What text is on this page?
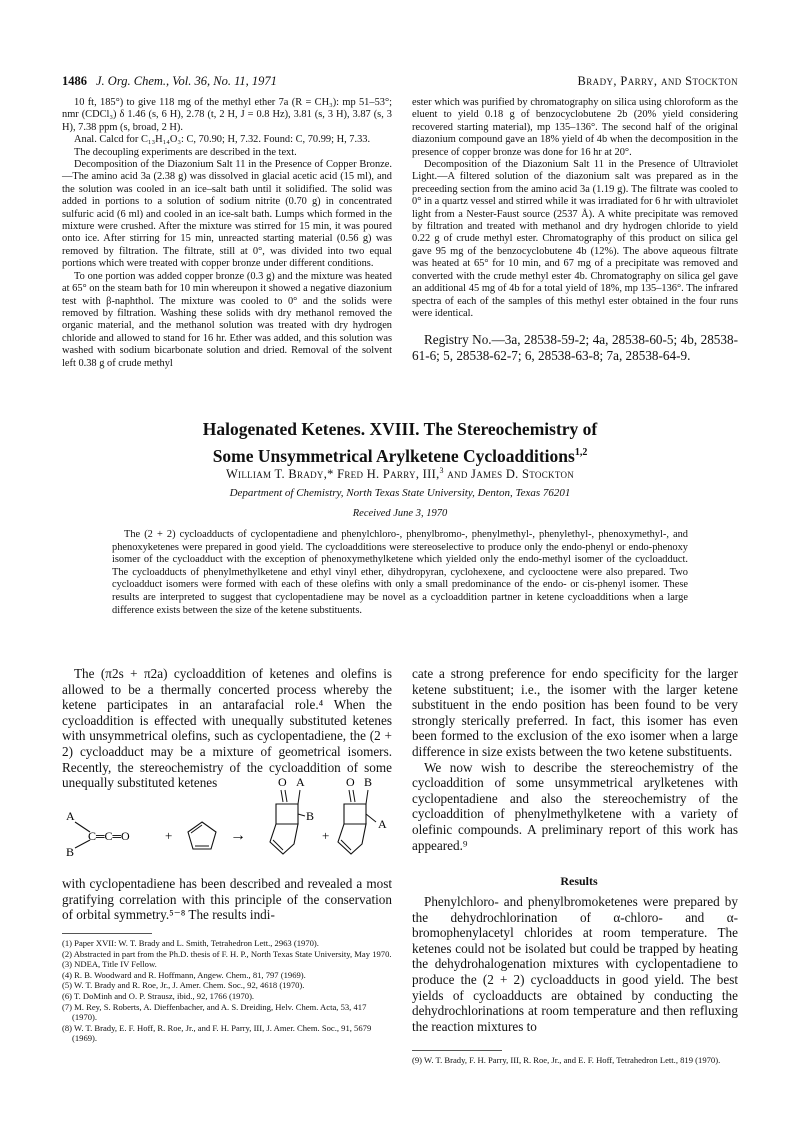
1486 J. Org. Chem., Vol. 36, No. 11, 1971	Brady, Parry, and Stockton

10 ft, 185°) to give 118 mg of the methyl ether 7a (R = CH₃): mp 51–53°; nmr (CDCl₃) δ 1.46 (s, 6 H), 2.78 (t, 2 H, J = 0.8 Hz), 3.81 (s, 3 H), 3.87 (s, 3 H), 7.38 ppm (s, broad, 2 H).

Anal. Calcd for C₁₃H₁₄O₃: C, 70.90; H, 7.32. Found: C, 70.99; H, 7.33.

The decoupling experiments are described in the text.

Decomposition of the Diazonium Salt 11 in the Presence of Copper Bronze.—The amino acid 3a (2.38 g) was dissolved in glacial acetic acid (15 ml), and the solution was cooled in an ice–salt bath until it solidified. The solid was added in portions to a solution of sodium nitrite (0.70 g) in concentrated sulfuric acid (6 ml) and cooled in an ice-salt bath. Lumps which formed in the mixture were crushed. After the mixture was stirred for 15 min, it was poured onto ice. After stirring for 15 min, unreacted starting material (0.56 g) was removed by filtration. The filtrate, still at 0°, was divided into two equal portions which were treated with copper bronze under different conditions.

To one portion was added copper bronze (0.3 g) and the mixture was heated at 65° on the steam bath for 10 min whereupon it showed a negative diazonium test with β-naphthol. The mixture was cooled to 0° and the solids were removed by filtration. Washing these solids with dry methanol removed the organic material, and the methanol solution was treated with dry hydrogen chloride and allowed to stand for 16 hr. Ether was added, and this solution was washed with sodium bicarbonate solution and dried. Removal of the solvent left 0.38 g of crude methyl

ester which was purified by chromatography on silica using chloroform as the eluent to yield 0.18 g of benzocyclobutene 2b (20% yield considering recovered starting material), mp 135–136°. The second half of the original diazonium compound gave an 18% yield of 4b when the decomposition in the presence of copper bronze was done for 16 hr at 20°.

Decomposition of the Diazonium Salt 11 in the Presence of Ultraviolet Light.—A filtered solution of the diazonium salt was prepared as in the preceeding section from the amino acid 3a (1.19 g). The filtrate was cooled to 0° in a quartz vessel and stirred while it was irradiated for 6 hr with ultraviolet light from a Nester-Faust source (2537 Å). A white precipitate was removed by filtration and treated with methanol and dry hydrogen chloride to yield 0.22 g of crude methyl ester. Chromatography of this product on silica gel gave 95 mg of the benzocyclobutene 4b (12%). The above aqueous filtrate was heated at 65° for 10 min, and 67 mg of a precipitate was removed and converted with the crude methyl ester 4b. Chromatography on silica gel gave an additional 45 mg of 4b for a total yield of 18%, mp 135–136°. The infrared spectra of each of the samples of this methyl ester obtained in the four runs were identical.

Registry No.—3a, 28538-59-2; 4a, 28538-60-5; 4b, 28538-61-6; 5, 28538-62-7; 6, 28538-63-8; 7a, 28538-64-9.

Halogenated Ketenes. XVIII. The Stereochemistry of
Some Unsymmetrical Arylketene Cycloadditions$^{1,2}$
William T. Brady,* Fred H. Parry, III,$^3$ and James D. Stockton
Department of Chemistry, North Texas State University, Denton, Texas 76201
Received June 3, 1970
The (2 + 2) cycloadducts of cyclopentadiene and phenylchloro-, phenylbromo-, phenylmethyl-, phenylethyl-, phenoxymethyl-, and phenoxyketenes were prepared in good yield. The cycloadditions were stereoselective to produce only the endo-phenyl or endo-phenoxy isomer of the cycloadduct with the exception of phenoxymethylketene which yielded only the endo-methyl isomer of the cycloadduct. The cycloadducts of phenylmethylketene and ethyl vinyl ether, dihydropyran, cyclohexene, and cyclooctene were also prepared. Two cycloadduct isomers were formed with each of these olefins with only a small predominance of the endo- or cis-phenyl isomer. These results are interpreted to suggest that cyclopentadiene may be novel as a cycloaddition partner in ketene cycloadditions when a large difference exists between the size of the ketene substituents.

The (π2s + π2a) cycloaddition of ketenes and olefins is allowed to be a thermally concerted process whereby the ketene participates in an antarafacial role.⁴ When the cycloaddition is effected with unequally substituted ketenes with unsymmetrical olefins, such as cyclopentadiene, the (2 + 2) cycloadduct may be a mixture of geometrical isomers. Recently, the stereochemistry of the cycloaddition of some unequally substituted ketenes

A
B
C═C═O	+	→
O A
B
+
O B
A

with cyclopentadiene has been described and revealed a most gratifying correlation with this principle of the conservation of orbital symmetry.⁵⁻⁸ The results indi-

(1) Paper XVII: W. T. Brady and L. Smith, Tetrahedron Lett., 2963 (1970).

(2) Abstracted in part from the Ph.D. thesis of F. H. P., North Texas State University, May 1970.

(3) NDEA, Title IV Fellow.

(4) R. B. Woodward and R. Hoffmann, Angew. Chem., 81, 797 (1969).

(5) W. T. Brady and R. Roe, Jr., J. Amer. Chem. Soc., 92, 4618 (1970).

(6) T. DoMinh and O. P. Strausz, ibid., 92, 1766 (1970).

(7) M. Rey, S. Roberts, A. Dieffenbacher, and A. S. Dreiding, Helv. Chem. Acta, 53, 417 (1970).

(8) W. T. Brady, E. F. Hoff, R. Roe, Jr., and F. H. Parry, III, J. Amer. Chem. Soc., 91, 5679 (1969).

cate a strong preference for endo specificity for the larger ketene substituent; i.e., the isomer with the larger ketene substituent in the endo position has been found to be very strongly sterically preferred. In fact, this isomer has even been formed to the exclusion of the exo isomer when a large difference in size exists between the two ketene substituents.

We now wish to describe the stereochemistry of the cycloaddition of some unsymmetrical arylketenes with cyclopentadiene and also the stereochemistry of the cycloaddition of phenylmethylketene with a variety of olefinic compounds. A preliminary report of this work has appeared.⁹

Results

Phenylchloro- and phenylbromoketenes were prepared by the dehydrochlorination of α-chloro- and α-bromophenylacetyl chlorides at room temperature. The ketenes could not be isolated but could be trapped by heating the dehydrohalogenation mixtures with cyclopentadiene to produce the (2 + 2) cycloadducts in good yield. The best yields of cycloadducts are obtained by conducting the dehydrochlorinations at room temperature and then refluxing the reaction mixtures to

(9) W. T. Brady, F. H. Parry, III, R. Roe, Jr., and E. F. Hoff, Tetrahedron Lett., 819 (1970).
